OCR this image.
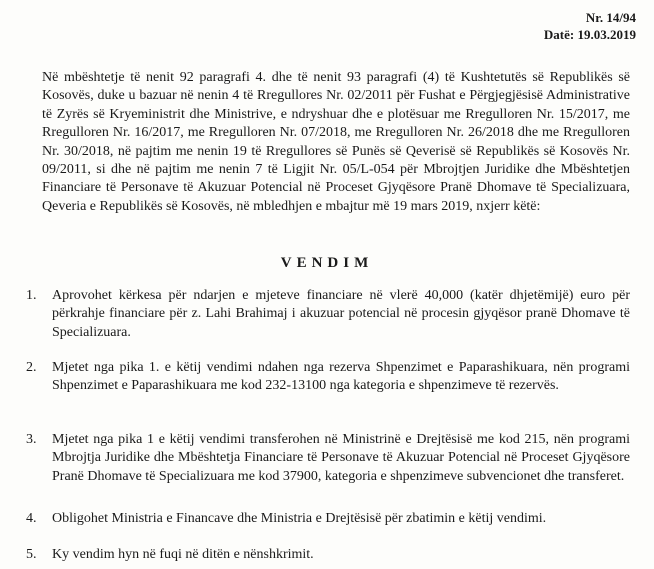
Nr. 14/94
Datë: 19.03.2019
Në mbështetje të nenit 92 paragrafi 4. dhe të nenit 93 paragrafi (4) të Kushtetutës së Republikës së Kosovës, duke u bazuar në nenin 4 të Rregullores Nr. 02/2011 për Fushat e Përgjegjësisë Administrative të Zyrës së Kryeministrit dhe Ministrive, e ndryshuar dhe e plotësuar me Rregulloren Nr. 15/2017, me Rregulloren Nr. 16/2017, me Rregulloren Nr. 07/2018, me Rregulloren Nr. 26/2018 dhe me Rregulloren Nr. 30/2018, në pajtim me nenin 19 të Rregullores së Punës së Qeverisë së Republikës së Kosovës Nr. 09/2011, si dhe në pajtim me nenin 7 të Ligjit Nr. 05/L-054 për Mbrojtjen Juridike dhe Mbështetjen Financiare të Personave të Akuzuar Potencial në Proceset Gjyqësore Pranë Dhomave të Specializuara, Qeveria e Republikës së Kosovës, në mbledhjen e mbajtur më 19 mars 2019, nxjerr këtë:
VENDIM
1. Aprovohet kërkesa për ndarjen e mjeteve financiare në vlerë 40,000 (katër dhjetëmijë) euro për përkrahje financiare për z. Lahi Brahimaj i akuzuar potencial në procesin gjyqësor pranë Dhomave të Specializuara.
2. Mjetet nga pika 1. e këtij vendimi ndahen nga rezerva Shpenzimet e Paparashikuara, nën programi Shpenzimet e Paparashikuara me kod 232-13100 nga kategoria e shpenzimeve të rezervës.
3. Mjetet nga pika 1 e këtij vendimi transferohen në Ministrinë e Drejtësisë me kod 215, nën programi Mbrojtja Juridike dhe Mbështetja Financiare të Personave të Akuzuar Potencial në Proceset Gjyqësore Pranë Dhomave të Specializuara me kod 37900, kategoria e shpenzimeve subvencionet dhe transferet.
4. Obligohet Ministria e Financave dhe Ministria e Drejtësisë për zbatimin e këtij vendimi.
5. Ky vendim hyn në fuqi në ditën e nënshkrimit.
